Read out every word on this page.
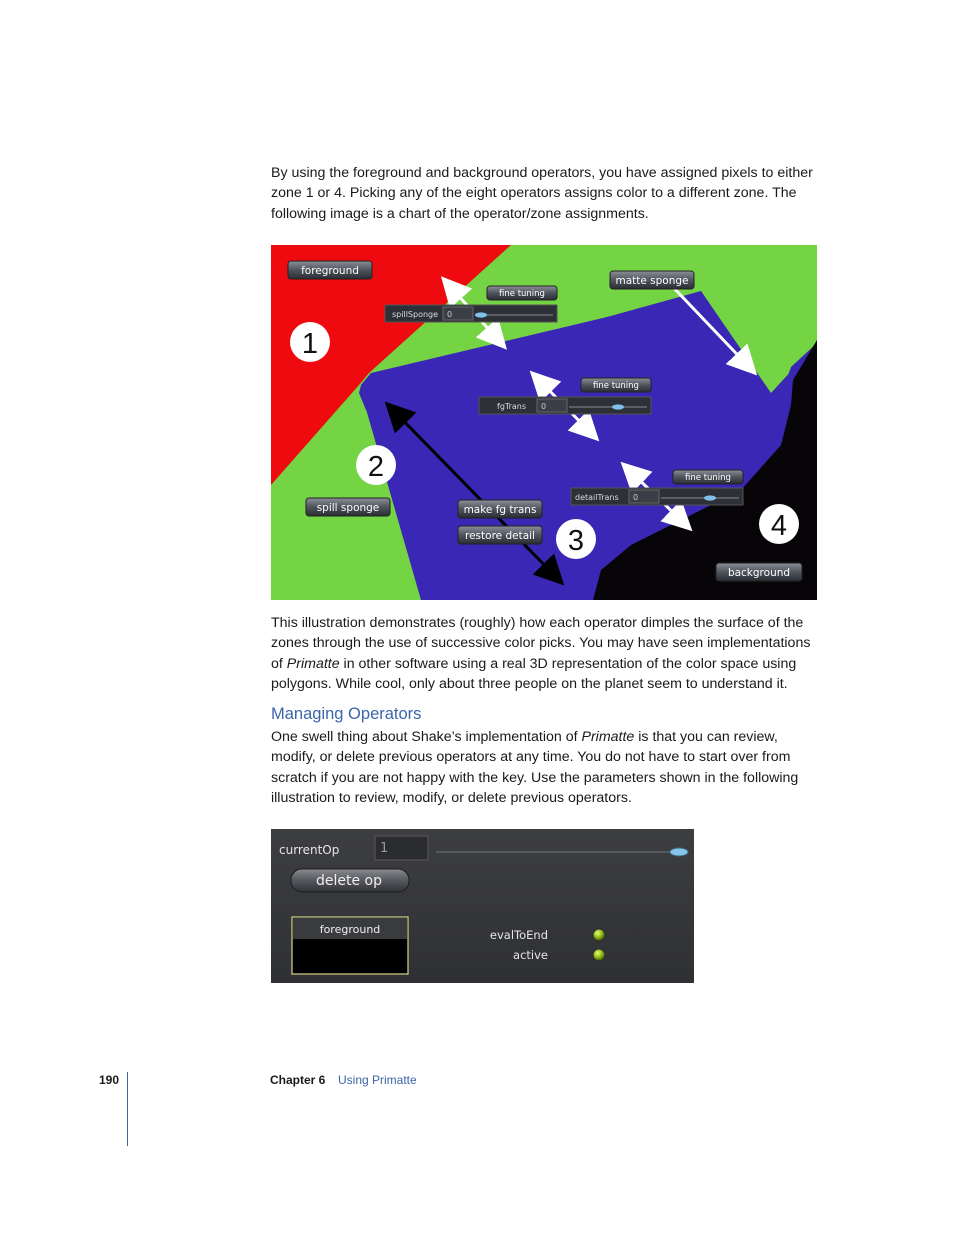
By using the foreground and background operators, you have assigned pixels to either
zone 1 or 4. Picking any of the eight operators assigns color to a different zone. The
following image is a chart of the operator/zone assignments.

foreground
matte sponge
fine tuning
spillSponge 0
fine tuning
fgTrans 0
fine tuning
detailTrans 0
spill sponge	make fg trans
restore detail
background
1
2
3	4

This illustration demonstrates (roughly) how each operator dimples the surface of the
zones through the use of successive color picks. You may have seen implementations
of Primatte in other software using a real 3D representation of the color space using
polygons. While cool, only about three people on the planet seem to understand it.

Managing Operators

One swell thing about Shake’s implementation of Primatte is that you can review,
modify, or delete previous operators at any time. You do not have to start over from
scratch if you are not happy with the key. Use the parameters shown in the following
illustration to review, modify, or delete previous operators.

currentOp	1
delete op
foreground	evalToEnd
active
190	Chapter 6 Using Primatte
